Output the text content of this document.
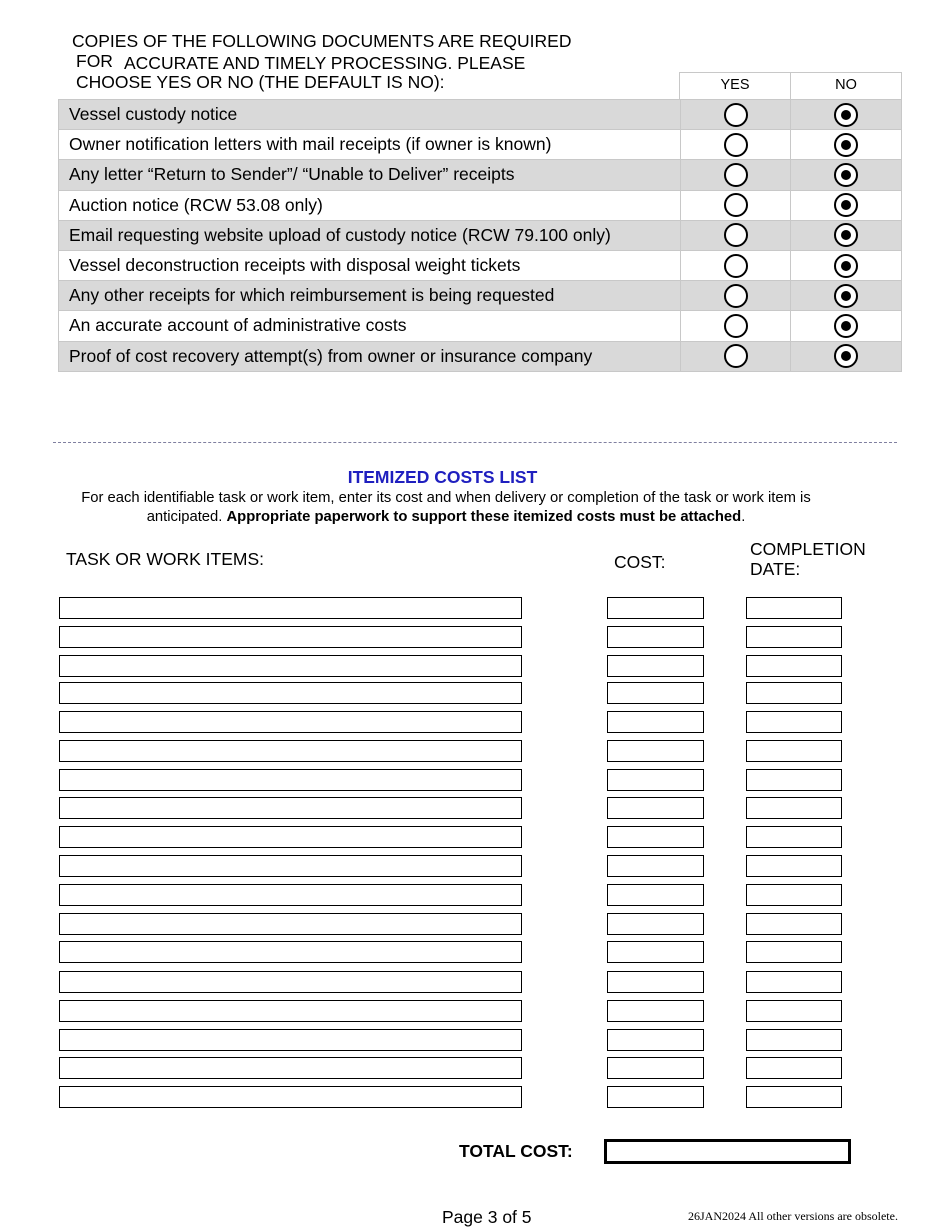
COPIES OF THE FOLLOWING DOCUMENTS ARE REQUIRED
FOR ACCURATE AND TIMELY PROCESSING. PLEASE
CHOOSE YES OR NO (THE DEFAULT IS NO):	YES	NO
Vessel custody notice		
Owner notification letters with mail receipts (if owner is known)		
Any letter “Return to Sender”/ “Unable to Deliver” receipts		
Auction notice (RCW 53.08 only)		
Email requesting website upload of custody notice (RCW 79.100 only)		
Vessel deconstruction receipts with disposal weight tickets		
Any other receipts for which reimbursement is being requested		
An accurate account of administrative costs		
Proof of cost recovery attempt(s) from owner or insurance company		
ITEMIZED COSTS LIST
For each identifiable task or work item, enter its cost and when delivery or completion of the task or work item is anticipated. Appropriate paperwork to support these itemized costs must be attached.
TASK OR WORK ITEMS:	COST:
COMPLETION
DATE:
TOTAL COST:
Page 3 of 5	26JAN2024 All other versions are obsolete.
